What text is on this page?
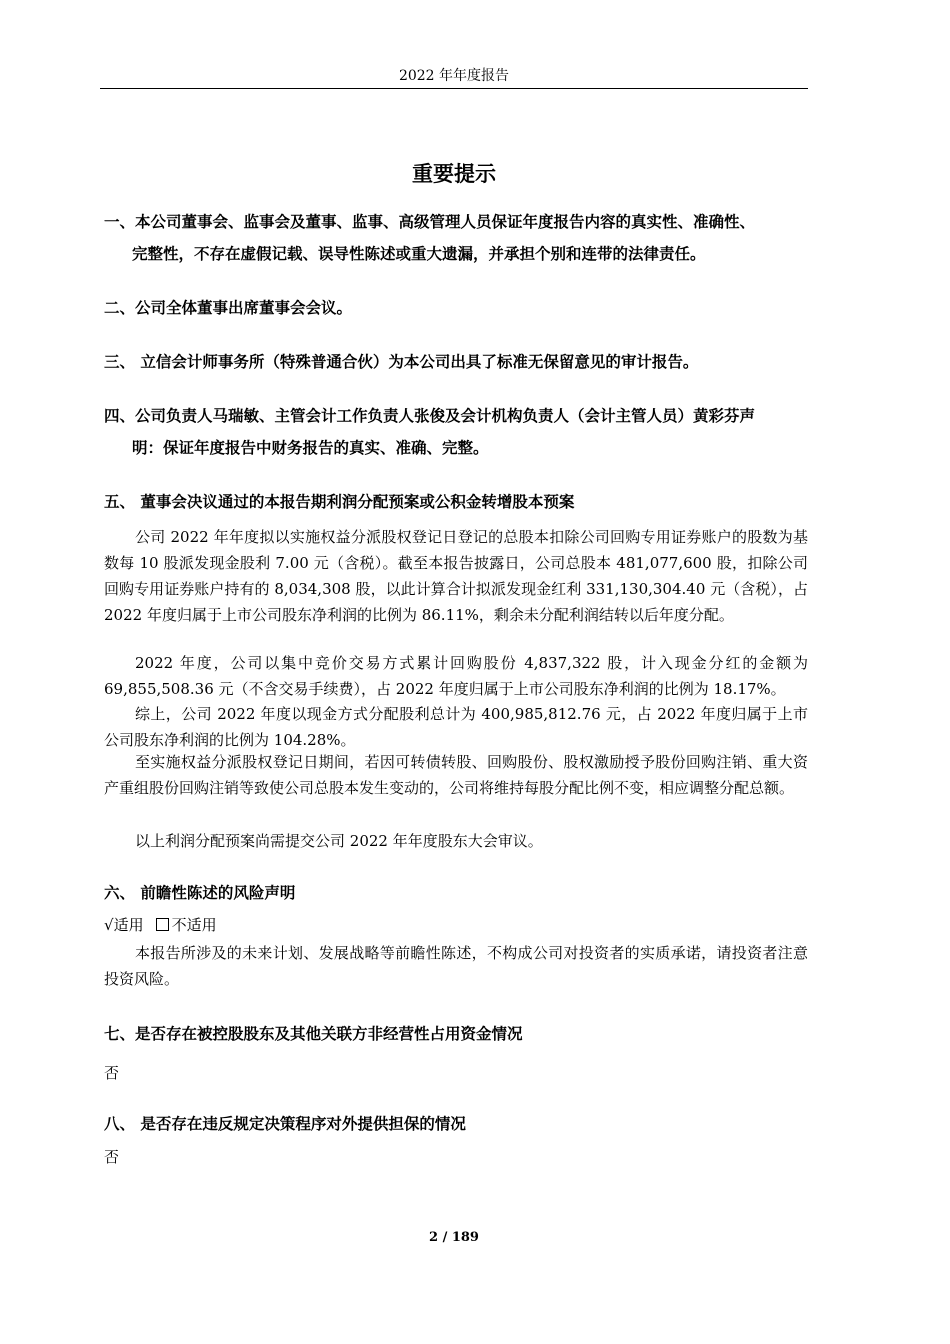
2022 年年度报告
重要提示
一、本公司董事会、监事会及董事、监事、高级管理人员保证年度报告内容的真实性、准确性、
完整性，不存在虚假记载、误导性陈述或重大遗漏，并承担个别和连带的法律责任。
二、公司全体董事出席董事会会议。
三、 立信会计师事务所（特殊普通合伙）为本公司出具了标准无保留意见的审计报告。
四、公司负责人马瑞敏、主管会计工作负责人张俊及会计机构负责人（会计主管人员）黄彩芬声
明：保证年度报告中财务报告的真实、准确、完整。
五、 董事会决议通过的本报告期利润分配预案或公积金转增股本预案

公司 2022 年年度拟以实施权益分派股权登记日登记的总股本扣除公司回购专用证券账户的股数为基数每 10 股派发现金股利 7.00 元（含税）。截至本报告披露日，公司总股本 481,077,600 股，扣除公司回购专用证券账户持有的 8,034,308 股，以此计算合计拟派发现金红利 331,130,304.40 元（含税），占 2022 年度归属于上市公司股东净利润的比例为 86.11%，剩余未分配利润结转以后年度分配。

2022 年度，公司以集中竞价交易方式累计回购股份 4,837,322 股，计入现金分红的金额为 69,855,508.36 元（不含交易手续费），占 2022 年度归属于上市公司股东净利润的比例为 18.17%。

综上，公司 2022 年度以现金方式分配股利总计为 400,985,812.76 元，占 2022 年度归属于上市公司股东净利润的比例为 104.28%。

至实施权益分派股权登记日期间，若因可转债转股、回购股份、股权激励授予股份回购注销、重大资产重组股份回购注销等致使公司总股本发生变动的，公司将维持每股分配比例不变，相应调整分配总额。

以上利润分配预案尚需提交公司 2022 年年度股东大会审议。

六、 前瞻性陈述的风险声明
√适用 不适用

本报告所涉及的未来计划、发展战略等前瞻性陈述，不构成公司对投资者的实质承诺，请投资者注意投资风险。

七、是否存在被控股股东及其他关联方非经营性占用资金情况
否
八、 是否存在违反规定决策程序对外提供担保的情况
否
2 / 189
